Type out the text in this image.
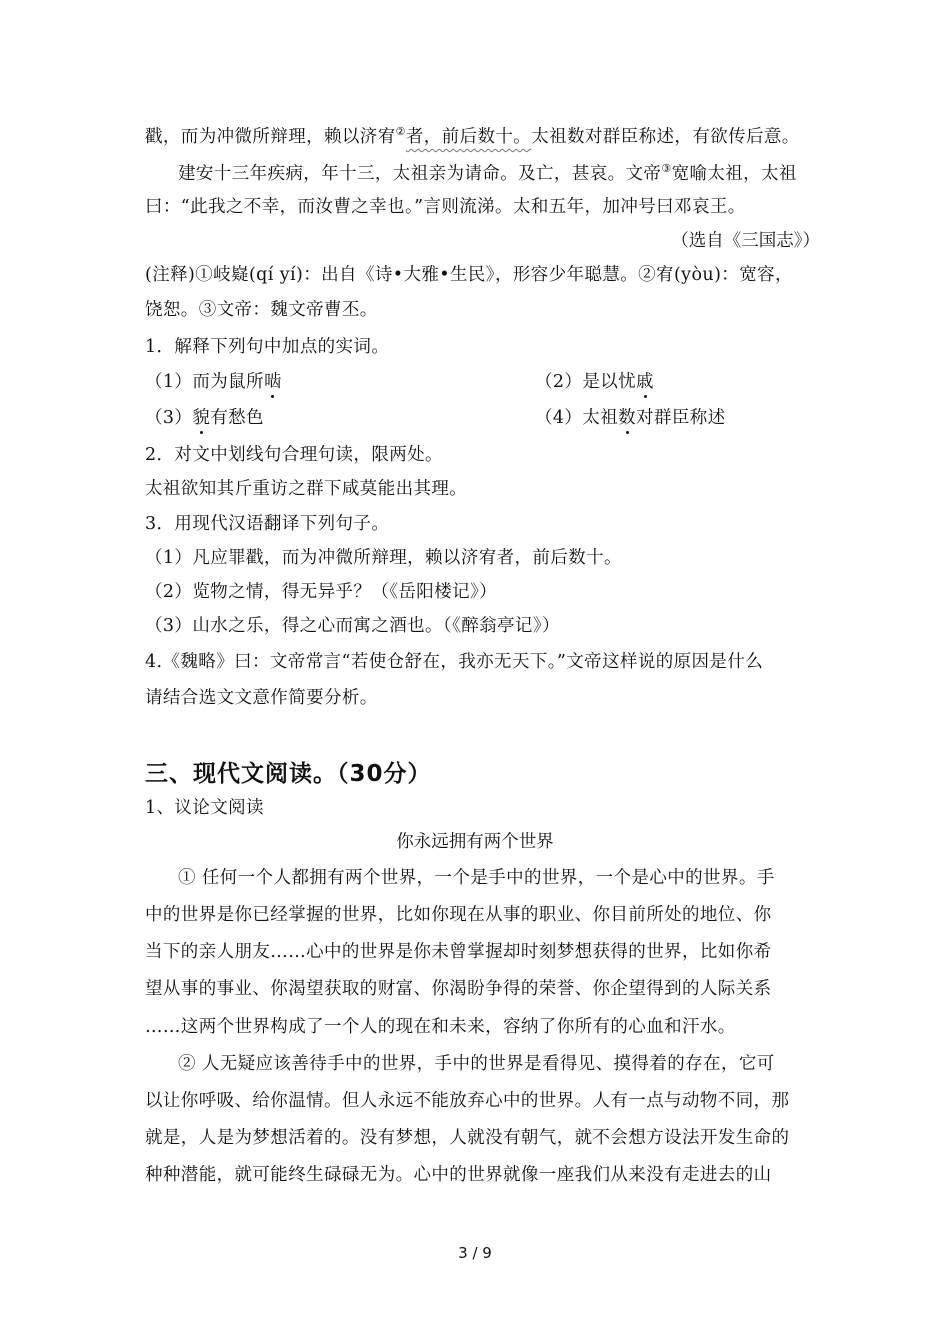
戳，而为冲微所辩理，赖以济宥②者，前后数十。太祖数对群臣称述，有欲传后意。
建安十三年疾病，年十三，太祖亲为请命。及亡，甚哀。文帝③宽喻太祖，太祖
曰：“此我之不幸，而汝曹之幸也。”言则流涕。太和五年，加冲号曰邓哀王。
（选自《三国志》）
(注释)①岐嶷(qí yí)：出自《诗•大雅•生民》，形容少年聪慧。②宥(yòu)：宽容，
饶恕。③文帝：魏文帝曹丕。
1．解释下列句中加点的实词。
（1）而为鼠所啮	（2）是以忧戚
（3）貌有愁色	（4）太祖数对群臣称述
2．对文中划线句合理句读，限两处。
太祖欲知其斤重访之群下咸莫能出其理。
3．用现代汉语翻译下列句子。
（1）凡应罪戳，而为冲微所辩理，赖以济宥者，前后数十。
（2）览物之情，得无异乎？（《岳阳楼记》）
（3）山水之乐，得之心而寓之酒也。（《醉翁亭记》）
4.《魏略》曰：文帝常言“若使仓舒在，我亦无天下。”文帝这样说的原因是什么
请结合选文文意作简要分析。
三、现代文阅读。（30分）
1、议论文阅读
你永远拥有两个世界
① 任何一个人都拥有两个世界，一个是手中的世界，一个是心中的世界。手
中的世界是你已经掌握的世界，比如你现在从事的职业、你目前所处的地位、你
当下的亲人朋友……心中的世界是你未曾掌握却时刻梦想获得的世界，比如你希
望从事的事业、你渴望获取的财富、你渴盼争得的荣誉、你企望得到的人际关系
……这两个世界构成了一个人的现在和未来，容纳了你所有的心血和汗水。
② 人无疑应该善待手中的世界，手中的世界是看得见、摸得着的存在，它可
以让你呼吸、给你温情。但人永远不能放弃心中的世界。人有一点与动物不同，那
就是，人是为梦想活着的。没有梦想，人就没有朝气，就不会想方设法开发生命的
种种潜能，就可能终生碌碌无为。心中的世界就像一座我们从来没有走进去的山
3 / 9
